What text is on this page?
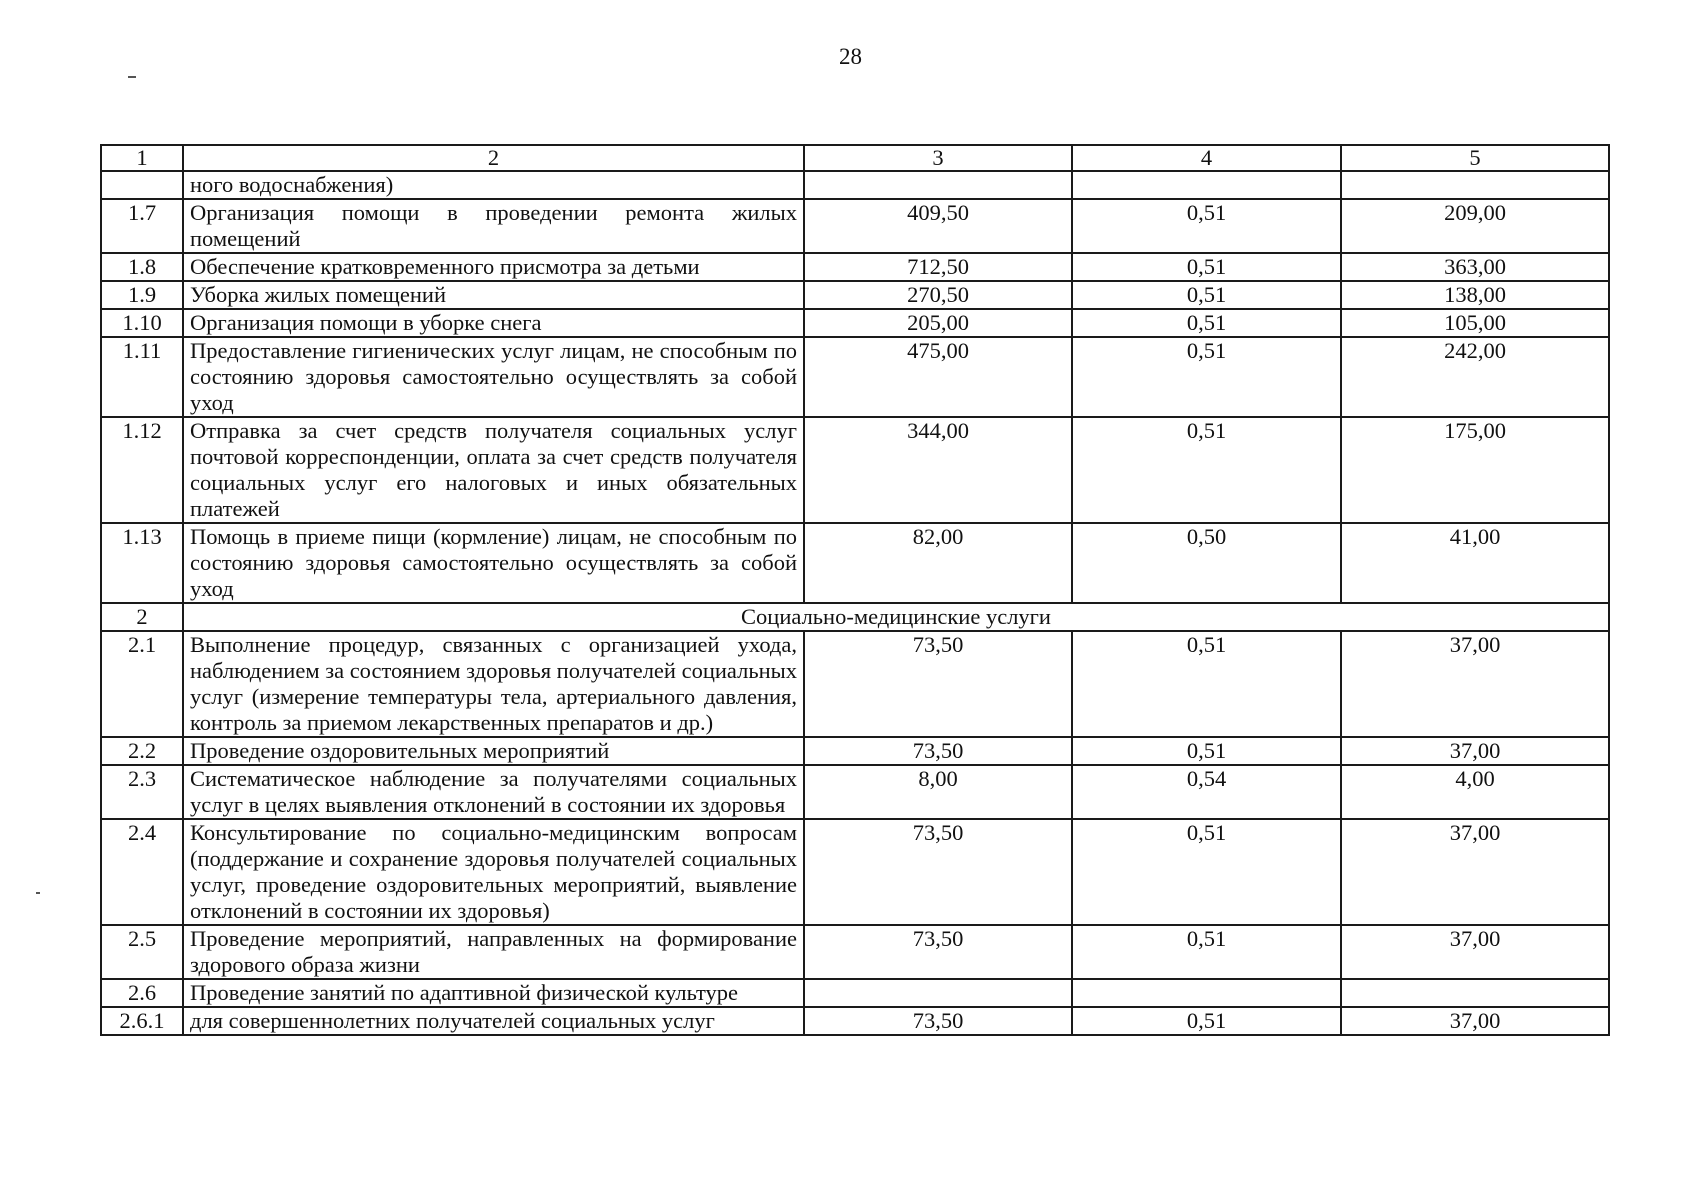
28
1	2	3	4	5
	ного водоснабжения)			
1.7	Организация помощи в проведении ремонта жилых помещений	409,50	0,51	209,00
1.8	Обеспечение кратковременного присмотра за детьми	712,50	0,51	363,00
1.9	Уборка жилых помещений	270,50	0,51	138,00
1.10	Организация помощи в уборке снега	205,00	0,51	105,00
1.11	Предоставление гигиенических услуг лицам, не способным по состоянию здоровья самостоятельно осуществлять за собой уход	475,00	0,51	242,00
1.12	Отправка за счет средств получателя социальных услуг почтовой корреспонденции, оплата за счет средств получателя социальных услуг его налоговых и иных обязательных платежей	344,00	0,51	175,00
1.13	Помощь в приеме пищи (кормление) лицам, не способным по состоянию здоровья самостоятельно осуществлять за собой уход	82,00	0,50	41,00
2	Социально-медицинские услуги			
2.1	Выполнение процедур, связанных с организацией ухода, наблюдением за состоянием здоровья получателей социальных услуг (измерение температуры тела, артериального давления, контроль за приемом лекарственных препаратов и др.)	73,50	0,51	37,00
2.2	Проведение оздоровительных мероприятий	73,50	0,51	37,00
2.3	Систематическое наблюдение за получателями социальных услуг в целях выявления отклонений в состоянии их здоровья	8,00	0,54	4,00
2.4	Консультирование по социально-медицинским вопросам (поддержание и сохранение здоровья получателей социальных услуг, проведение оздоровительных мероприятий, выявление отклонений в состоянии их здоровья)	73,50	0,51	37,00
2.5	Проведение мероприятий, направленных на формирование здорового образа жизни	73,50	0,51	37,00
2.6	Проведение занятий по адаптивной физической культуре			
2.6.1	для совершеннолетних получателей социальных услуг	73,50	0,51	37,00
